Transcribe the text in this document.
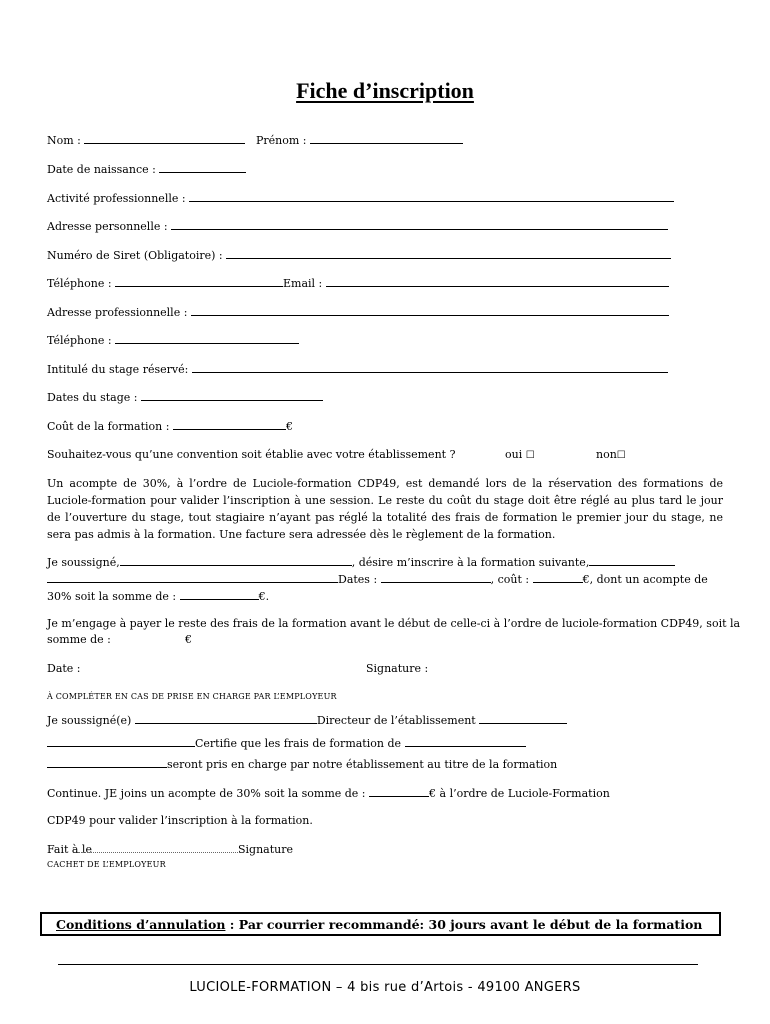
Fiche d’inscription
Nom :	Prénom :
Date de naissance :
Activité professionnelle :
Adresse personnelle :
Numéro de Siret (Obligatoire) :
Téléphone :	Email :
Adresse professionnelle :
Téléphone :
Intitulé du stage réservé:
Dates du stage :
Coût de la formation :	€
Souhaitez-vous qu’une convention soit établie avec votre établissement ?	oui ☐	non☐
Un acompte de 30%, à l’ordre de Luciole-formation CDP49, est demandé lors de la réservation des formations de Luciole-formation pour valider l’inscription à une session. Le reste du coût du stage doit être réglé au plus tard le jour de l’ouverture du stage, tout stagiaire n’ayant pas réglé la totalité des frais de formation le premier jour du stage, ne sera pas admis à la formation. Une facture sera adressée dès le règlement de la formation.
Je soussigné,	, désire m’inscrire à la formation suivante,
Dates :	, coût :	€, dont un acompte de
30% soit la somme de :	€.
Je m’engage à payer le reste des frais de la formation avant le début de celle-ci à l’ordre de luciole-formation CDP49, soit la
somme de :	€
Date :	Signature :
À COMPLÉTER EN CAS DE PRISE EN CHARGE PAR L’EMPLOYEUR
Je soussigné(e)	Directeur de l’établissement
Certifie que les frais de formation de
seront pris en charge par notre établissement au titre de la formation
Continue. JE joins un acompte de 30% soit la somme de :	€ à l’ordre de Luciole-Formation
CDP49 pour valider l’inscription à la formation.
Fait à le	Signature
CACHET DE L’EMPLOYEUR
Conditions d’annulation : Par courrier recommandé: 30 jours avant le début de la formation
LUCIOLE-FORMATION – 4 bis rue d’Artois - 49100 ANGERS
